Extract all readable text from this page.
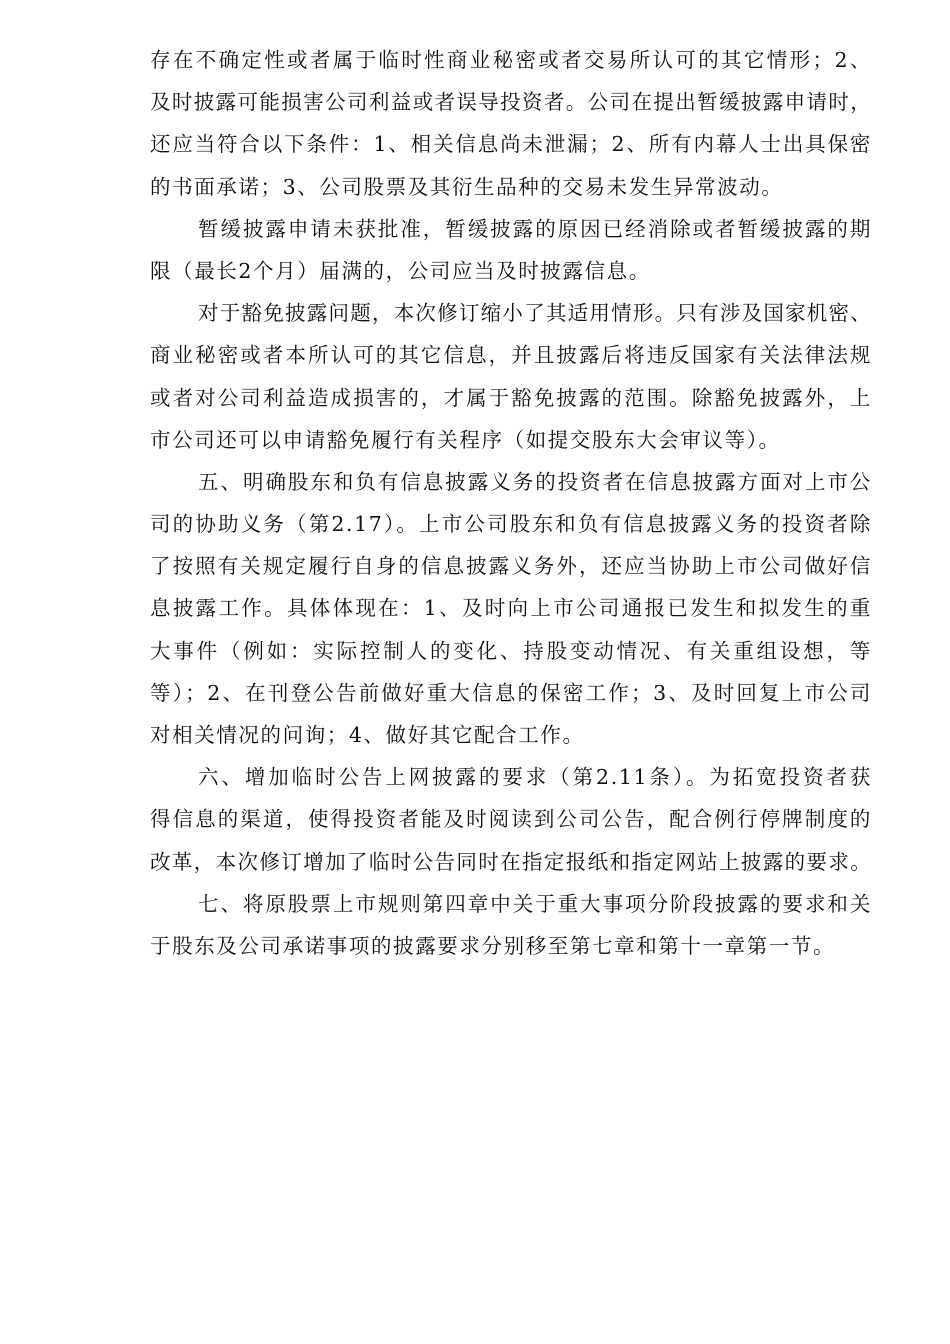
存在不确定性或者属于临时性商业秘密或者交易所认可的其它情形；2、
及时披露可能损害公司利益或者误导投资者。公司在提出暂缓披露申请时，
还应当符合以下条件：1、相关信息尚未泄漏；2、所有内幕人士出具保密
的书面承诺；3、公司股票及其衍生品种的交易未发生异常波动。
暂缓披露申请未获批准，暂缓披露的原因已经消除或者暂缓披露的期
限（最长2个月）届满的，公司应当及时披露信息。
对于豁免披露问题，本次修订缩小了其适用情形。只有涉及国家机密、
商业秘密或者本所认可的其它信息，并且披露后将违反国家有关法律法规
或者对公司利益造成损害的，才属于豁免披露的范围。除豁免披露外，上
市公司还可以申请豁免履行有关程序（如提交股东大会审议等）。
五、明确股东和负有信息披露义务的投资者在信息披露方面对上市公
司的协助义务（第2.17）。上市公司股东和负有信息披露义务的投资者除
了按照有关规定履行自身的信息披露义务外，还应当协助上市公司做好信
息披露工作。具体体现在：1、及时向上市公司通报已发生和拟发生的重
大事件（例如：实际控制人的变化、持股变动情况、有关重组设想，等
等）；2、在刊登公告前做好重大信息的保密工作；3、及时回复上市公司
对相关情况的问询；4、做好其它配合工作。
六、增加临时公告上网披露的要求（第2.11条）。为拓宽投资者获
得信息的渠道，使得投资者能及时阅读到公司公告，配合例行停牌制度的
改革，本次修订增加了临时公告同时在指定报纸和指定网站上披露的要求。
七、将原股票上市规则第四章中关于重大事项分阶段披露的要求和关
于股东及公司承诺事项的披露要求分别移至第七章和第十一章第一节。
